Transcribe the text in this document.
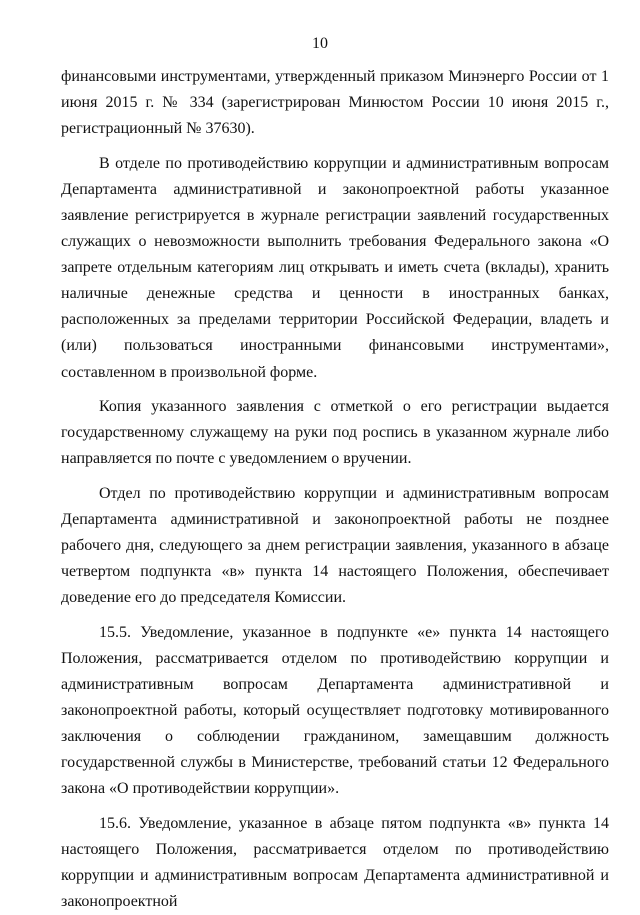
10

финансовыми инструментами, утвержденный приказом Минэнерго России от 1 июня 2015 г. № 334 (зарегистрирован Минюстом России 10 июня 2015 г., регистрационный № 37630).

В отделе по противодействию коррупции и административным вопросам Департамента административной и законопроектной работы указанное заявление регистрируется в журнале регистрации заявлений государственных служащих о невозможности выполнить требования Федерального закона «О запрете отдельным категориям лиц открывать и иметь счета (вклады), хранить наличные денежные средства и ценности в иностранных банках, расположенных за пределами территории Российской Федерации, владеть и (или) пользоваться иностранными финансовыми инструментами», составленном в произвольной форме.

Копия указанного заявления с отметкой о его регистрации выдается государственному служащему на руки под роспись в указанном журнале либо направляется по почте с уведомлением о вручении.

Отдел по противодействию коррупции и административным вопросам Департамента административной и законопроектной работы не позднее рабочего дня, следующего за днем регистрации заявления, указанного в абзаце четвертом подпункта «в» пункта 14 настоящего Положения, обеспечивает доведение его до председателя Комиссии.

15.5. Уведомление, указанное в подпункте «е» пункта 14 настоящего Положения, рассматривается отделом по противодействию коррупции и административным вопросам Департамента административной и законопроектной работы, который осуществляет подготовку мотивированного заключения о соблюдении гражданином, замещавшим должность государственной службы в Министерстве, требований статьи 12 Федерального закона «О противодействии коррупции».

15.6. Уведомление, указанное в абзаце пятом подпункта «в» пункта 14 настоящего Положения, рассматривается отделом по противодействию коррупции и административным вопросам Департамента административной и законопроектной
